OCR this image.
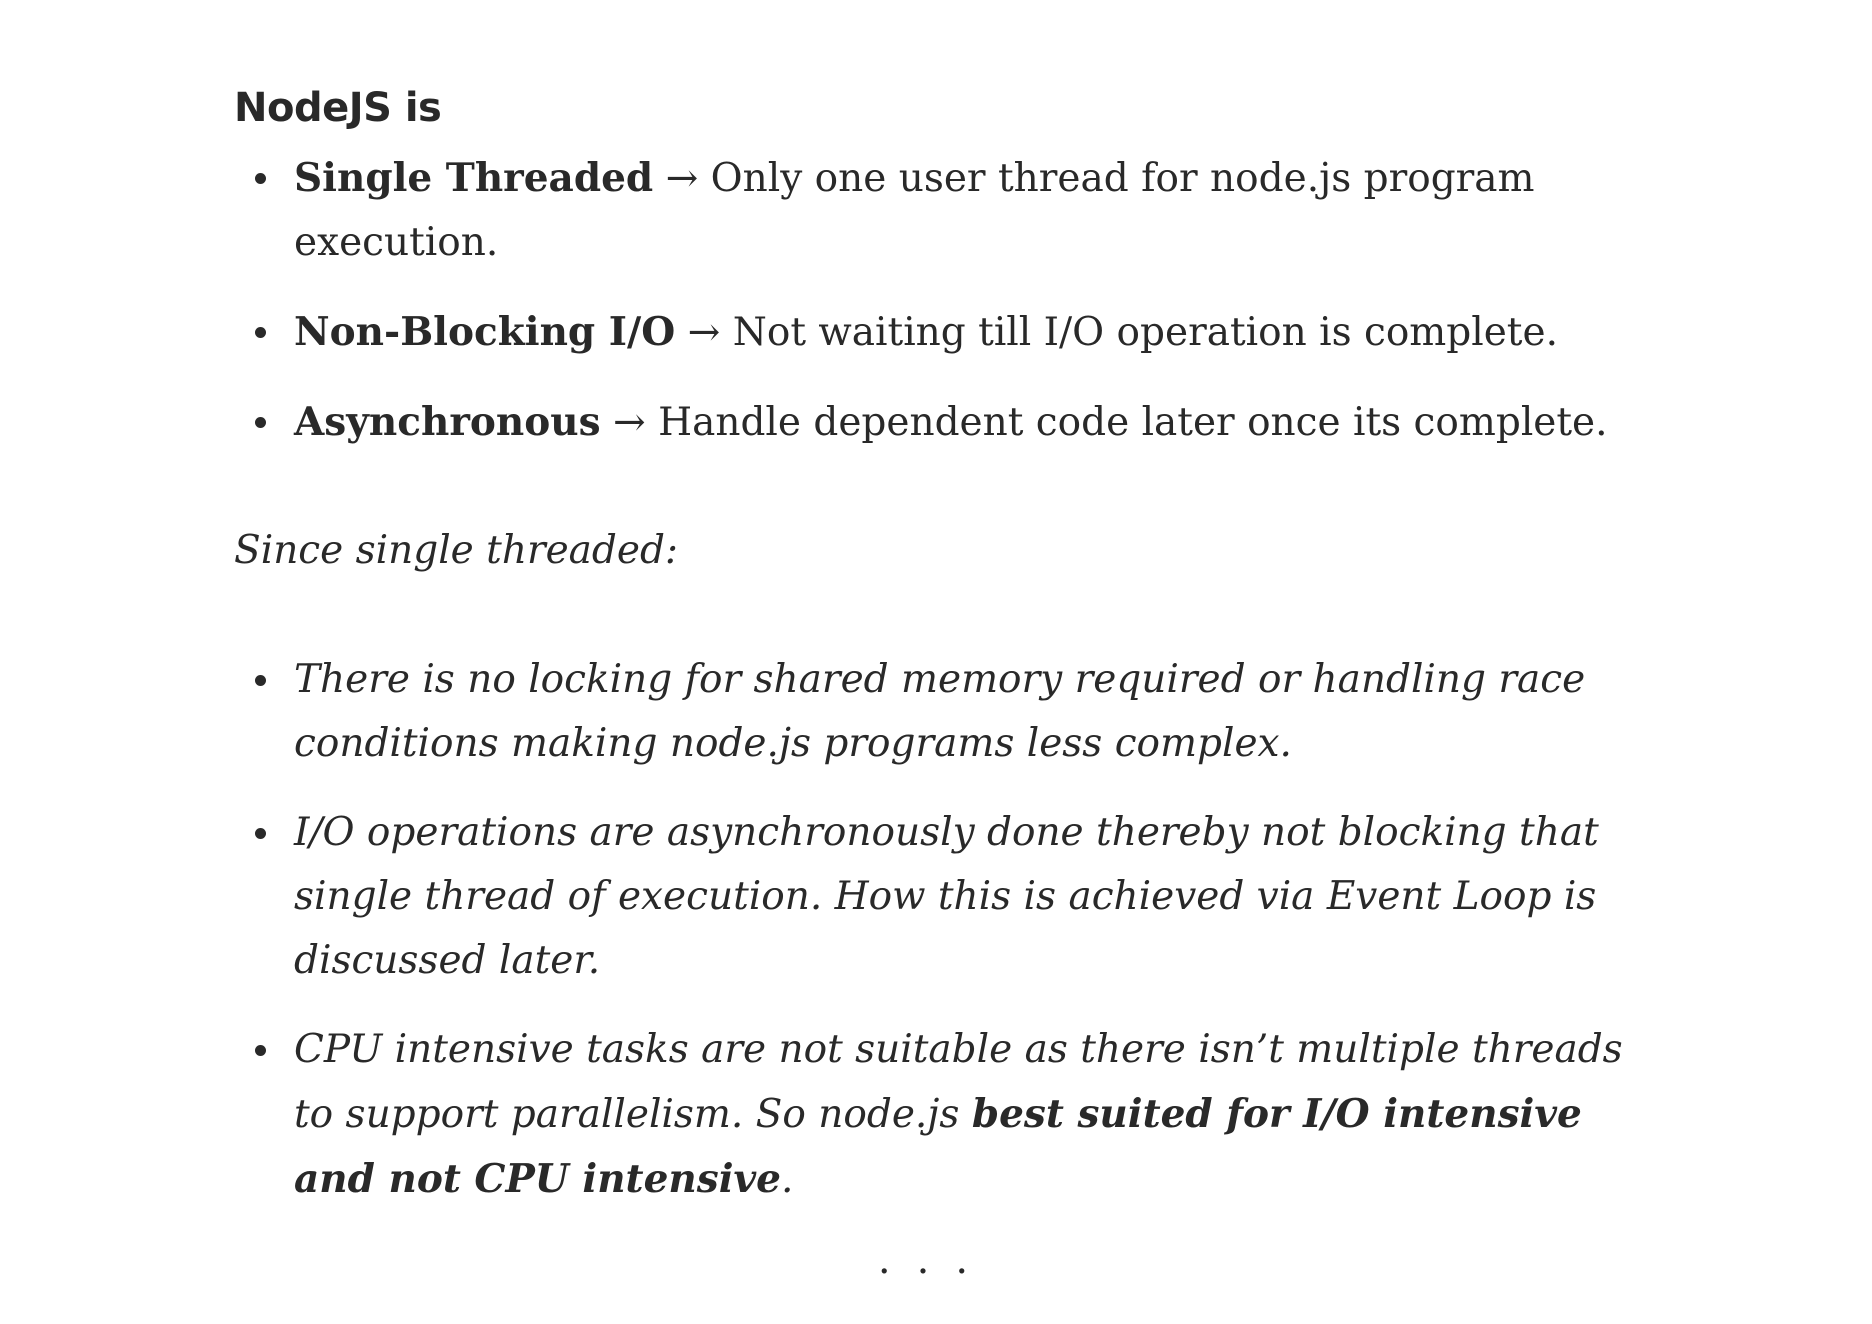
NodeJS is
Single Threaded → Only one user thread for node.js program execution.
Non-Blocking I/O → Not waiting till I/O operation is complete.
Asynchronous → Handle dependent code later once its complete.

Since single threaded:

There is no locking for shared memory required or handling race conditions making node.js programs less complex.
I/O operations are asynchronously done thereby not blocking that single thread of execution. How this is achieved via Event Loop is discussed later.
CPU intensive tasks are not suitable as there isn’t multiple threads to support parallelism. So node.js best suited for I/O intensive and not CPU intensive.
...
